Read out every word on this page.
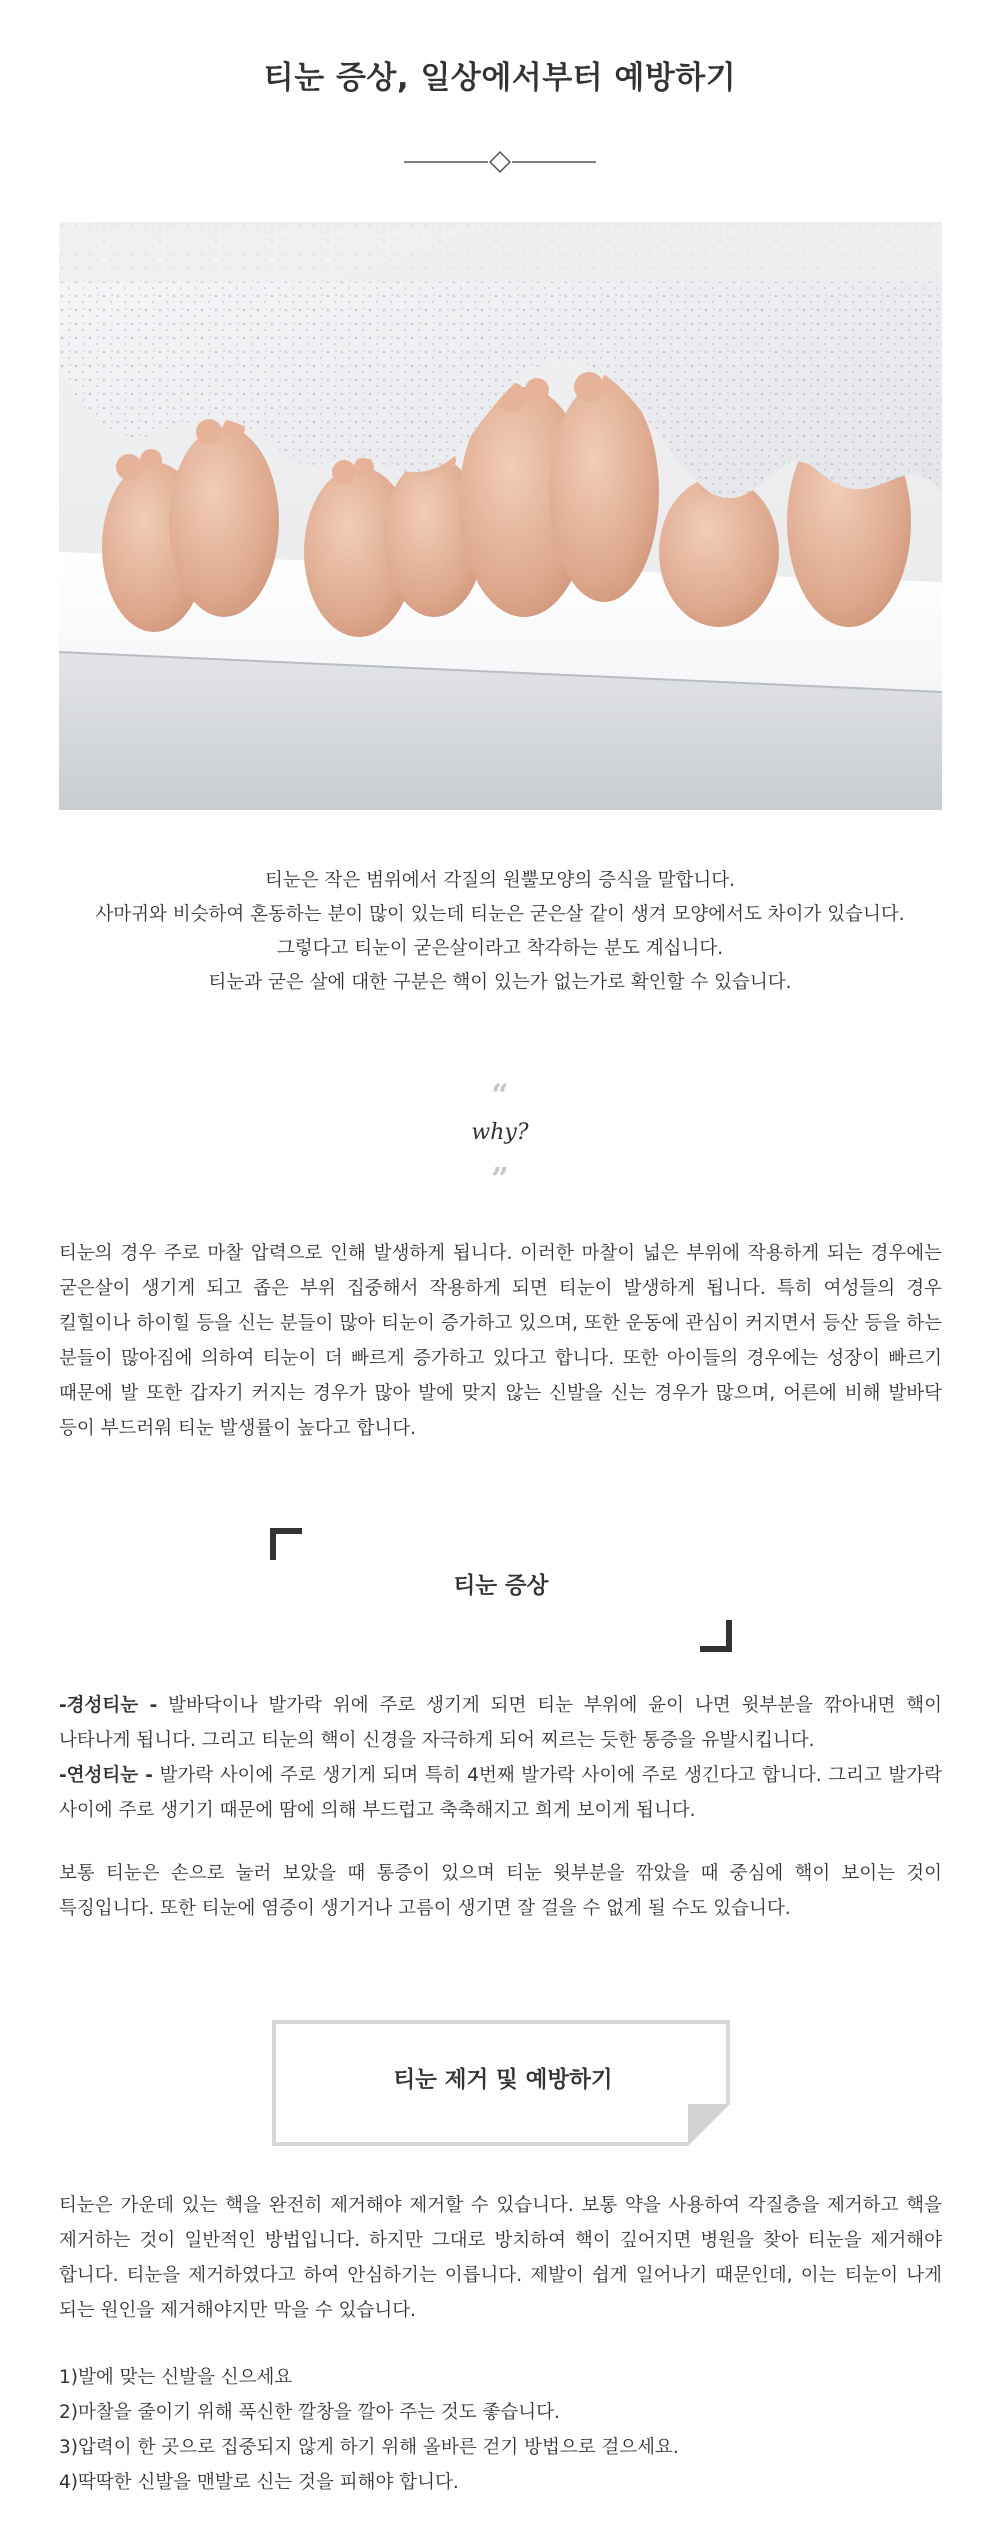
티눈 증상, 일상에서부터 예방하기

티눈은 작은 범위에서 각질의 원뿔모양의 증식을 말합니다.

사마귀와 비슷하여 혼동하는 분이 많이 있는데 티눈은 굳은살 같이 생겨 모양에서도 차이가 있습니다.

그렇다고 티눈이 굳은살이라고 착각하는 분도 계십니다.

티눈과 굳은 살에 대한 구분은 핵이 있는가 없는가로 확인할 수 있습니다.

“
why?
”

티눈의 경우 주로 마찰 압력으로 인해 발생하게 됩니다. 이러한 마찰이 넓은 부위에 작용하게 되는 경우에는 굳은살이 생기게 되고 좁은 부위 집중해서 작용하게 되면 티눈이 발생하게 됩니다. 특히 여성들의 경우 킬힐이나 하이힐 등을 신는 분들이 많아 티눈이 증가하고 있으며, 또한 운동에 관심이 커지면서 등산 등을 하는 분들이 많아짐에 의하여 티눈이 더 빠르게 증가하고 있다고 합니다. 또한 아이들의 경우에는 성장이 빠르기 때문에 발 또한 갑자기 커지는 경우가 많아 발에 맞지 않는 신발을 신는 경우가 많으며, 어른에 비해 발바닥 등이 부드러워 티눈 발생률이 높다고 합니다.

티눈 증상

-경성티눈 - 발바닥이나 발가락 위에 주로 생기게 되면 티눈 부위에 윤이 나면 윗부분을 깎아내면 핵이 나타나게 됩니다. 그리고 티눈의 핵이 신경을 자극하게 되어 찌르는 듯한 통증을 유발시킵니다.

-연성티눈 - 발가락 사이에 주로 생기게 되며 특히 4번째 발가락 사이에 주로 생긴다고 합니다. 그리고 발가락 사이에 주로 생기기 때문에 땀에 의해 부드럽고 축축해지고 희게 보이게 됩니다.

보통 티눈은 손으로 눌러 보았을 때 통증이 있으며 티눈 윗부분을 깎았을 때 중심에 핵이 보이는 것이 특징입니다. 또한 티눈에 염증이 생기거나 고름이 생기면 잘 걸을 수 없게 될 수도 있습니다.

티눈 제거 및 예방하기

티눈은 가운데 있는 핵을 완전히 제거해야 제거할 수 있습니다. 보통 약을 사용하여 각질층을 제거하고 핵을 제거하는 것이 일반적인 방법입니다. 하지만 그대로 방치하여 핵이 깊어지면 병원을 찾아 티눈을 제거해야 합니다. 티눈을 제거하였다고 하여 안심하기는 이릅니다. 제발이 쉽게 일어나기 때문인데, 이는 티눈이 나게 되는 원인을 제거해야지만 막을 수 있습니다.

1)발에 맞는 신발을 신으세요
2)마찰을 줄이기 위해 푹신한 깔창을 깔아 주는 것도 좋습니다.
3)압력이 한 곳으로 집중되지 않게 하기 위해 올바른 걷기 방법으로 걸으세요.
4)딱딱한 신발을 맨발로 신는 것을 피해야 합니다.
